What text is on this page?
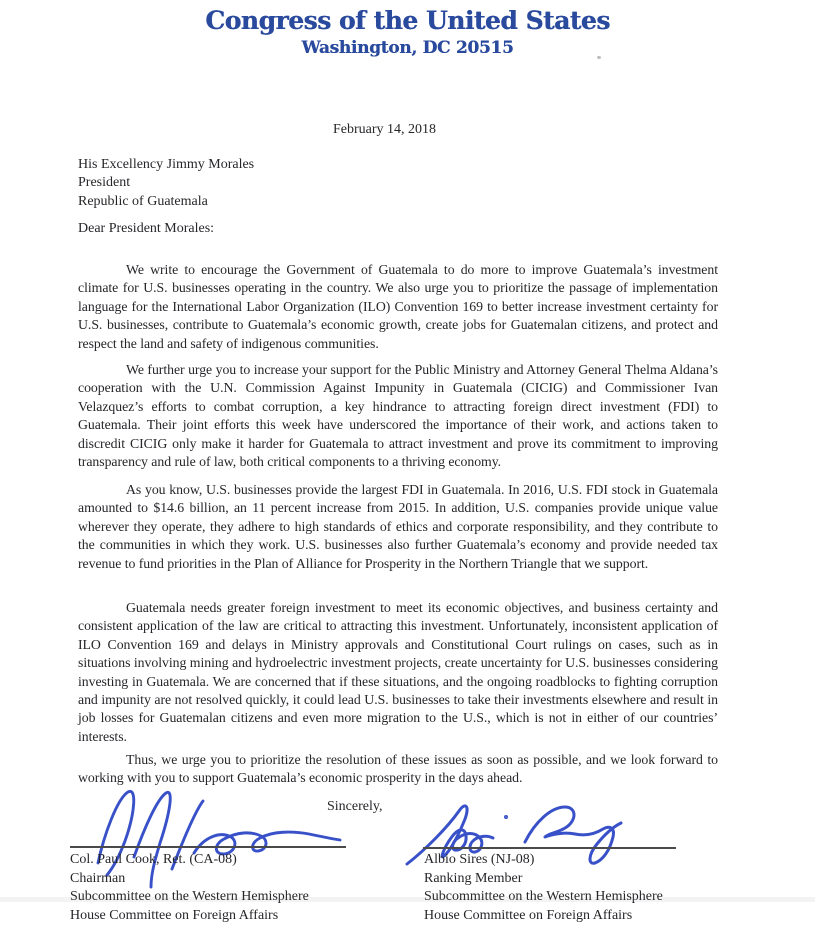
Congress of the United States
Washington, DC 20515
February 14, 2018
His Excellency Jimmy Morales
President
Republic of Guatemala
Dear President Morales:

We write to encourage the Government of Guatemala to do more to improve Guatemala’s investment climate for U.S. businesses operating in the country. We also urge you to prioritize the passage of implementation language for the International Labor Organization (ILO) Convention 169 to better increase investment certainty for U.S. businesses, contribute to Guatemala’s economic growth, create jobs for Guatemalan citizens, and protect and respect the land and safety of indigenous communities.

We further urge you to increase your support for the Public Ministry and Attorney General Thelma Aldana’s cooperation with the U.N. Commission Against Impunity in Guatemala (CICIG) and Commissioner Ivan Velazquez’s efforts to combat corruption, a key hindrance to attracting foreign direct investment (FDI) to Guatemala. Their joint efforts this week have underscored the importance of their work, and actions taken to discredit CICIG only make it harder for Guatemala to attract investment and prove its commitment to improving transparency and rule of law, both critical components to a thriving economy.

As you know, U.S. businesses provide the largest FDI in Guatemala. In 2016, U.S. FDI stock in Guatemala amounted to $14.6 billion, an 11 percent increase from 2015. In addition, U.S. companies provide unique value wherever they operate, they adhere to high standards of ethics and corporate responsibility, and they contribute to the communities in which they work. U.S. businesses also further Guatemala’s economy and provide needed tax revenue to fund priorities in the Plan of Alliance for Prosperity in the Northern Triangle that we support.

Guatemala needs greater foreign investment to meet its economic objectives, and business certainty and consistent application of the law are critical to attracting this investment. Unfortunately, inconsistent application of ILO Convention 169 and delays in Ministry approvals and Constitutional Court rulings on cases, such as in situations involving mining and hydroelectric investment projects, create uncertainty for U.S. businesses considering investing in Guatemala. We are concerned that if these situations, and the ongoing roadblocks to fighting corruption and impunity are not resolved quickly, it could lead U.S. businesses to take their investments elsewhere and result in job losses for Guatemalan citizens and even more migration to the U.S., which is not in either of our countries’ interests.

Thus, we urge you to prioritize the resolution of these issues as soon as possible, and we look forward to working with you to support Guatemala’s economic prosperity in the days ahead.

Sincerely,
Col. Paul Cook, Ret. (CA-08)
Chairman
Subcommittee on the Western Hemisphere
House Committee on Foreign Affairs
Albio Sires (NJ-08)
Ranking Member
Subcommittee on the Western Hemisphere
House Committee on Foreign Affairs
